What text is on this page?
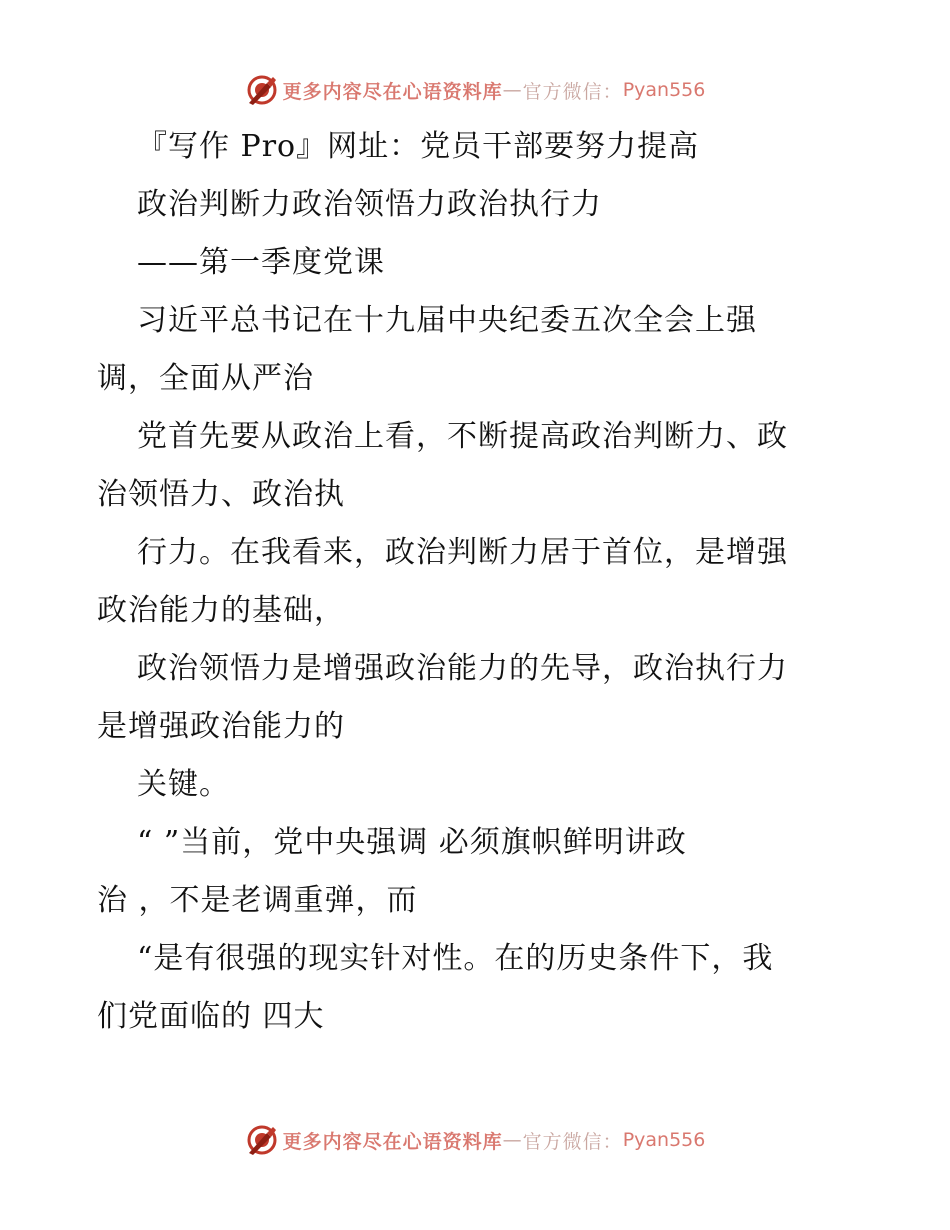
更多内容尽在心语资料库 — 官方微信： Pyan556
『写作 Pro』网址：党员干部要努力提高
政治判断力政治领悟力政治执行力
——第一季度党课
习近平总书记在十九届中央纪委五次全会上强
调，全面从严治
党首先要从政治上看，不断提高政治判断力、政
治领悟力、政治执
行力。在我看来，政治判断力居于首位，是增强
政治能力的基础，
政治领悟力是增强政治能力的先导，政治执行力
是增强政治能力的
关键。
“ ”当前，党中央强调 必须旗帜鲜明讲政
治 ，不是老调重弹，而
“是有很强的现实针对性。在的历史条件下，我
们党面临的 四大
更多内容尽在心语资料库 — 官方微信： Pyan556
